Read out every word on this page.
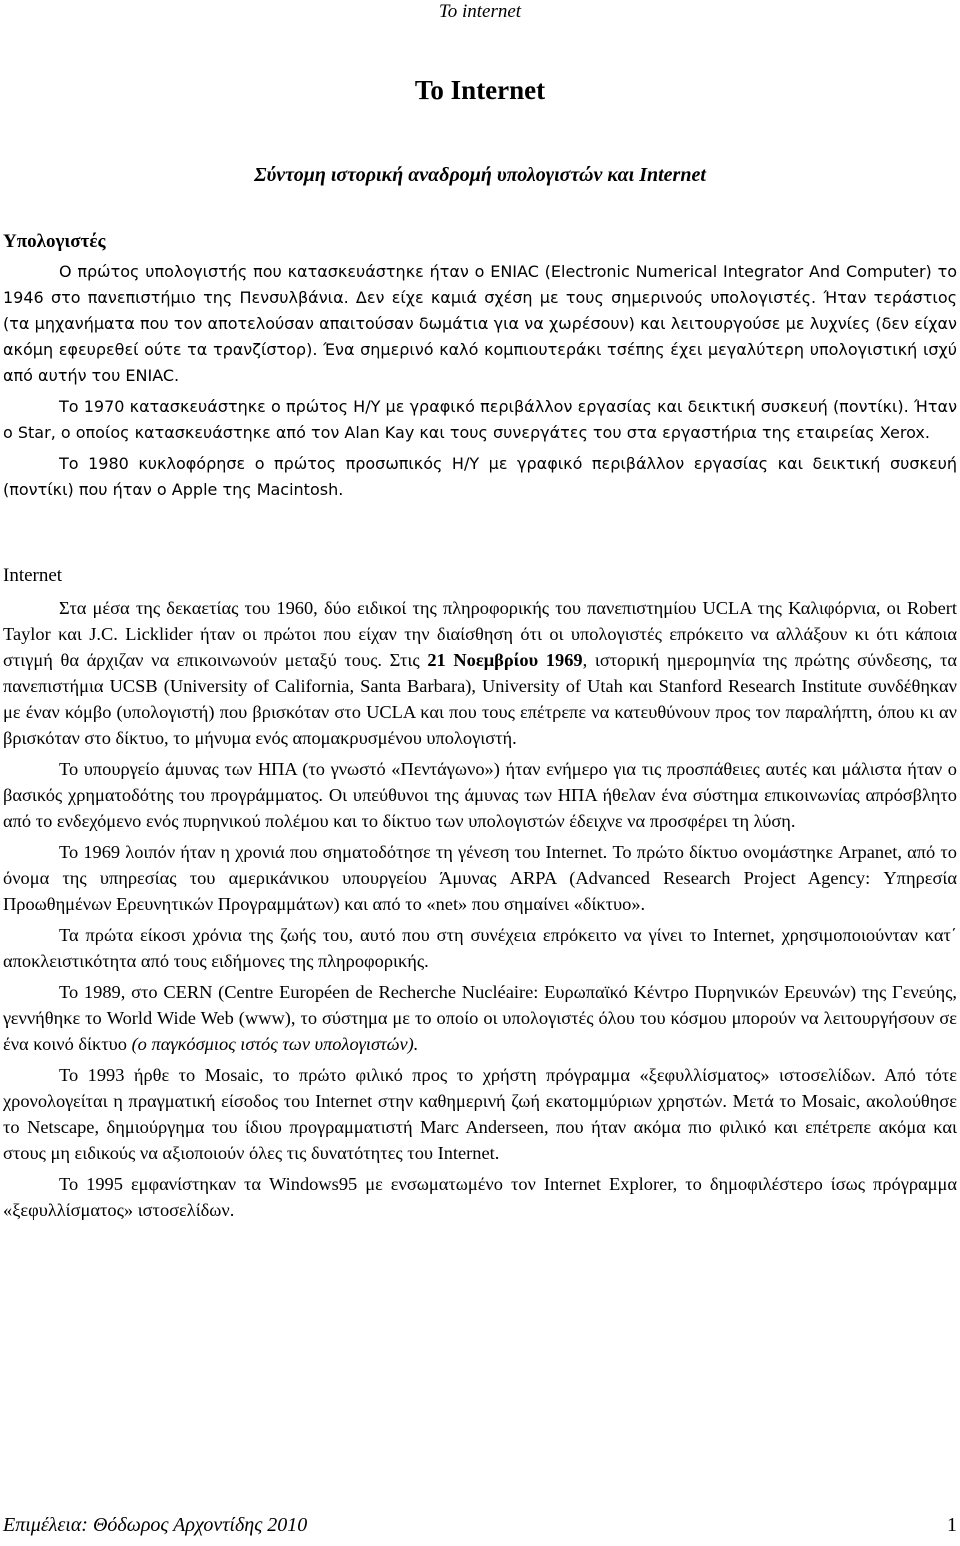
Το internet
Το Internet
Σύντομη ιστορική αναδρομή υπολογιστών και Internet
Υπολογιστές

Ο πρώτος υπολογιστής που κατασκευάστηκε ήταν ο ENIAC (Electronic Numerical Integrator And Computer) το 1946 στο πανεπιστήμιο της Πενσυλβάνια. Δεν είχε καμιά σχέση με τους σημερινούς υπολογιστές. Ήταν τεράστιος (τα μηχανήματα που τον αποτελούσαν απαιτούσαν δωμάτια για να χωρέσουν) και λειτουργούσε με λυχνίες (δεν είχαν ακόμη εφευρεθεί ούτε τα τρανζίστορ). Ένα σημερινό καλό κομπιουτεράκι τσέπης έχει μεγαλύτερη υπολογιστική ισχύ από αυτήν του ENIAC.

Το 1970 κατασκευάστηκε ο πρώτος Η/Υ με γραφικό περιβάλλον εργασίας και δεικτική συσκευή (ποντίκι). Ήταν ο Star, ο οποίος κατασκευάστηκε από τον Alan Kay και τους συνεργάτες του στα εργαστήρια της εταιρείας Xerox.

Το 1980 κυκλοφόρησε ο πρώτος προσωπικός Η/Υ με γραφικό περιβάλλον εργασίας και δεικτική συσκευή (ποντίκι) που ήταν ο Apple της Macintosh.

Internet

Στα μέσα της δεκαετίας του 1960, δύο ειδικοί της πληροφορικής του πανεπιστημίου UCLA της Καλιφόρνια, οι Robert Taylor και J.C. Licklider ήταν οι πρώτοι που είχαν την διαίσθηση ότι οι υπολογιστές επρόκειτο να αλλάξουν κι ότι κάποια στιγμή θα άρχιζαν να επικοινωνούν μεταξύ τους. Στις 21 Νοεμβρίου 1969, ιστορική ημερομηνία της πρώτης σύνδεσης, τα πανεπιστήμια UCSB (University of California, Santa Barbara), University of Utah και Stanford Research Institute συνδέθηκαν με έναν κόμβο (υπολογιστή) που βρισκόταν στο UCLA και που τους επέτρεπε να κατευθύνουν προς τον παραλήπτη, όπου κι αν βρισκόταν στο δίκτυο, το μήνυμα ενός απομακρυσμένου υπολογιστή.

Το υπουργείο άμυνας των ΗΠΑ (το γνωστό «Πεντάγωνο») ήταν ενήμερο για τις προσπάθειες αυτές και μάλιστα ήταν ο βασικός χρηματοδότης του προγράμματος. Οι υπεύθυνοι της άμυνας των ΗΠΑ ήθελαν ένα σύστημα επικοινωνίας απρόσβλητο από το ενδεχόμενο ενός πυρηνικού πολέμου και το δίκτυο των υπολογιστών έδειχνε να προσφέρει τη λύση.

Το 1969 λοιπόν ήταν η χρονιά που σηματοδότησε τη γένεση του Internet. Το πρώτο δίκτυο ονομάστηκε Arpanet, από το όνομα της υπηρεσίας του αμερικάνικου υπουργείου Άμυνας ARPA (Advanced Research Project Agency: Υπηρεσία Προωθημένων Ερευνητικών Προγραμμάτων) και από το «net» που σημαίνει «δίκτυο».

Τα πρώτα είκοσι χρόνια της ζωής του, αυτό που στη συνέχεια επρόκειτο να γίνει το Internet, χρησιμοποιούνταν κατ΄ αποκλειστικότητα από τους ειδήμονες της πληροφορικής.

Το 1989, στο CERN (Centre Européen de Recherche Nucléaire: Ευρωπαϊκό Κέντρο Πυρηνικών Ερευνών) της Γενεύης, γεννήθηκε το World Wide Web (www), το σύστημα με το οποίο οι υπολογιστές όλου του κόσμου μπορούν να λειτουργήσουν σε ένα κοινό δίκτυο (ο παγκόσμιος ιστός των υπολογιστών).

Το 1993 ήρθε το Mosaic, το πρώτο φιλικό προς το χρήστη πρόγραμμα «ξεφυλλίσματος» ιστοσελίδων. Από τότε χρονολογείται η πραγματική είσοδος του Internet στην καθημερινή ζωή εκατομμύριων χρηστών. Μετά το Mosaic, ακολούθησε το Netscape, δημιούργημα του ίδιου προγραμματιστή Marc Anderseen, που ήταν ακόμα πιο φιλικό και επέτρεπε ακόμα και στους μη ειδικούς να αξιοποιούν όλες τις δυνατότητες του Internet.

Το 1995 εμφανίστηκαν τα Windows95 με ενσωματωμένο τον Internet Explorer, το δημοφιλέστερο ίσως πρόγραμμα «ξεφυλλίσματος» ιστοσελίδων.

Επιμέλεια: Θόδωρος Αρχοντίδης 2010	1
